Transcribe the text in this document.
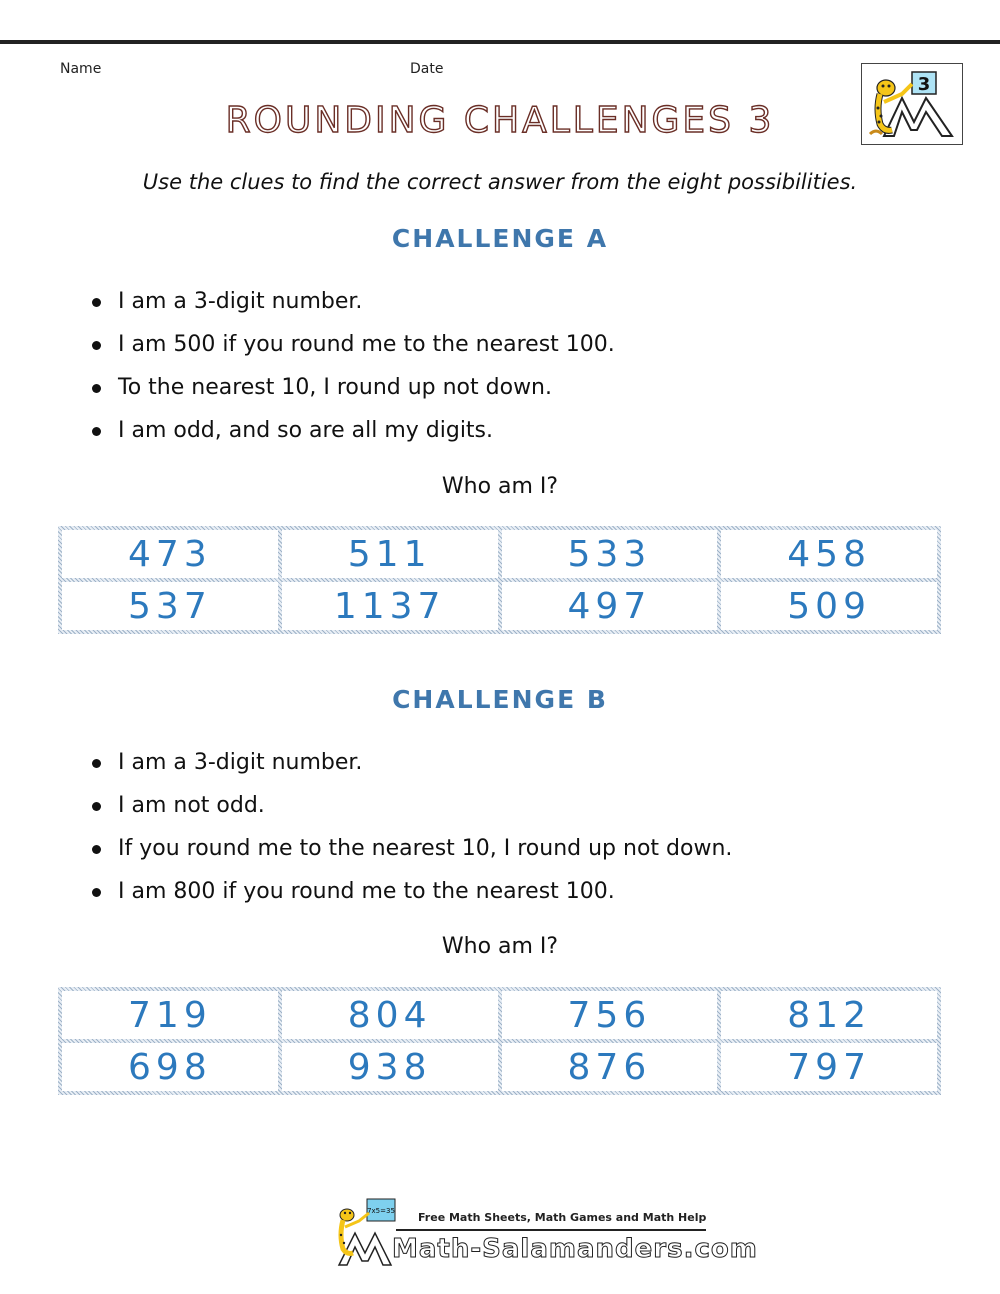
Name	Date
3
ROUNDING CHALLENGES 3

Use the clues to find the correct answer from the eight possibilities.

CHALLENGE A
I am a 3-digit number.
I am 500 if you round me to the nearest 100.
To the nearest 10, I round up not down.
I am odd, and so are all my digits.

Who am I?

473	511	533	458
537	1137	497	509
CHALLENGE B
I am a 3-digit number.
I am not odd.
If you round me to the nearest 10, I round up not down.
I am 800 if you round me to the nearest 100.

Who am I?

719	804	756	812
698	938	876	797
7x5=35 Free Math Sheets, Math Games and Math Help
Math-Salamanders.com
